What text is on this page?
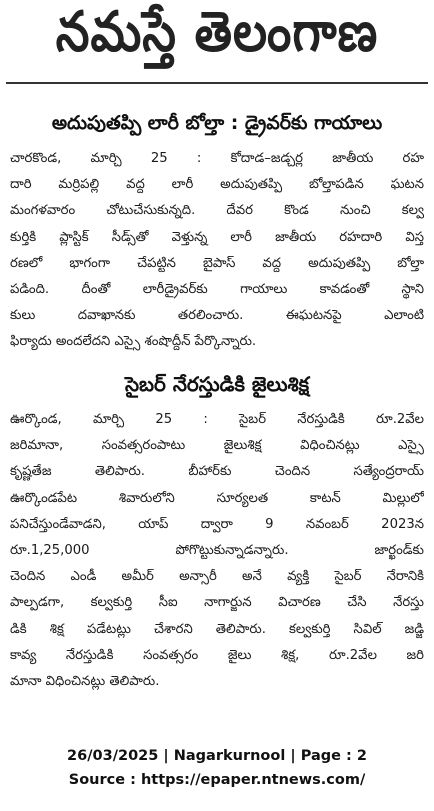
నమస్తే తెలంగాణ
అదుపుతప్పి లారీ బోల్తా : డ్రైవర్‌కు గాయాలు
చారకొండ, మార్చి 25 : కోదాడ–జడ్చర్ల జాతీయ రహ
దారి మర్రిపల్లి వద్ద లారీ అదుపుతప్పి బోల్తాపడిన ఘటన
మంగళవారం చోటుచేసుకున్నది. దేవర కొండ నుంచి కల్వ
కుర్తికి ప్లాస్టిక్ సీడ్స్‌తో వెళ్తున్న లారీ జాతీయ రహదారి విస్త
రణలో భాగంగా చేపట్టిన బైపాస్ వద్ద అదుపుతప్పి బోల్తా
పడింది. దీంతో లారీడ్రైవర్‌కు గాయాలు కావడంతో స్థాని
కులు దవాఖానకు తరలించారు. ఈఘటనపై ఎలాంటి
ఫిర్యాదు అందలేదని ఎస్సై శంషొద్దీన్ పేర్కొన్నారు.
సైబర్ నేరస్తుడికి జైలుశిక్ష
ఊర్కొండ, మార్చి 25 : సైబర్ నేరస్తుడికి రూ.2వేల
జరిమానా, సంవత్సరంపాటు జైలుశిక్ష విధించినట్లు ఎస్సై
కృష్ణతేజ తెలిపారు. బీహార్‌కు చెందిన సత్యేంద్రరాయ్
ఊర్కొండపేట శివారులోని సూర్యలత కాటన్ మిల్లులో
పనిచేస్తుండేవాడని, యాప్ ద్వారా 9 నవంబర్ 2023న
రూ.1,25,000 పోగొట్టుకున్నాడన్నారు. జార్ఖండ్‌కు
చెందిన ఎండీ అమీర్ అన్సారీ అనే వ్యక్తి సైబర్ నేరానికి
పాల్పడగా, కల్వకుర్తి సీఐ నాగార్జున విచారణ చేసి నేరస్తు
డికి శిక్ష పడేటట్లు చేశారని తెలిపారు. కల్వకుర్తి సివిల్ జడ్జి
కావ్య నేరస్తుడికి సంవత్సరం జైలు శిక్ష, రూ.2వేల జరి
మానా విధించినట్లు తెలిపారు.
26/03/2025 | Nagarkurnool | Page : 2
Source : https://epaper.ntnews.com/
